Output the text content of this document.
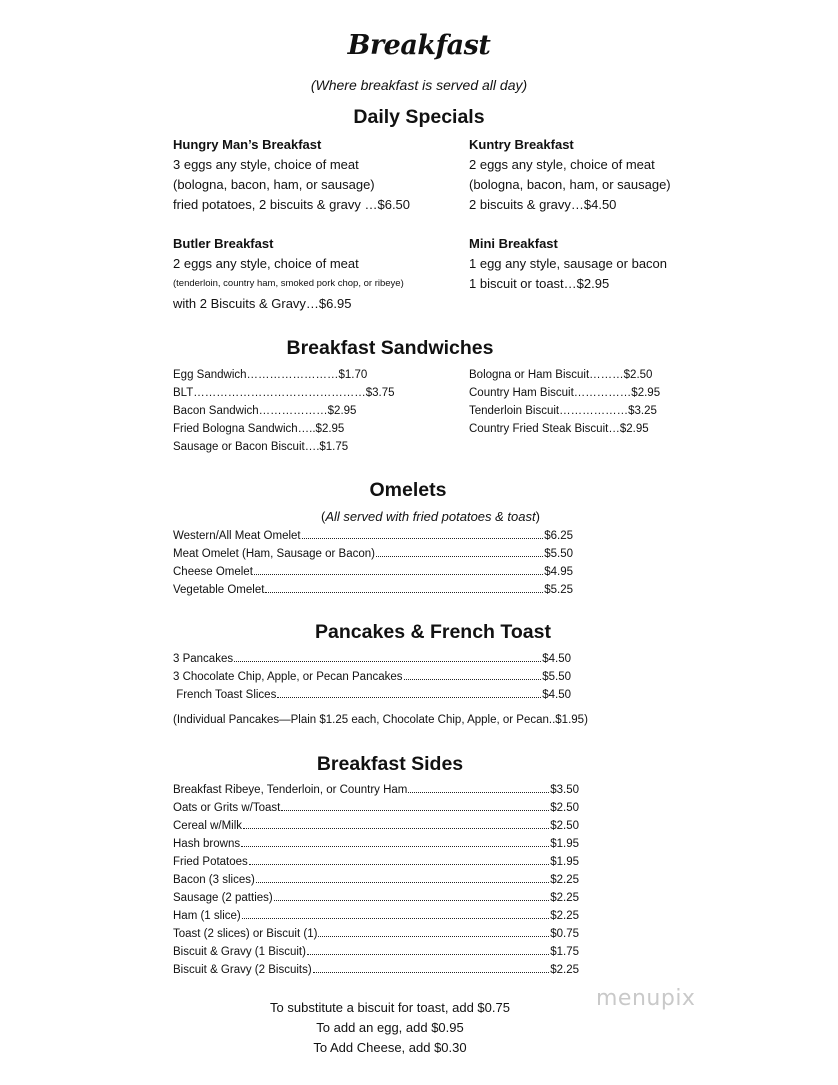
Breakfast
(Where breakfast is served all day)
Daily Specials
Hungry Man’s Breakfast
3 eggs any style, choice of meat
(bologna, bacon, ham, or sausage)
fried potatoes, 2 biscuits & gravy …$6.50
Kuntry Breakfast
2 eggs any style, choice of meat
(bologna, bacon, ham, or sausage)
2 biscuits & gravy…$4.50
Butler Breakfast
2 eggs any style, choice of meat
(tenderloin, country ham, smoked pork chop, or ribeye)
with 2 Biscuits & Gravy…$6.95
Mini Breakfast
1 egg any style, sausage or bacon
1 biscuit or toast…$2.95
Breakfast Sandwiches
Egg Sandwich……………………$1.70
BLT………………………………………$3.75
Bacon Sandwich………………$2.95
Fried Bologna Sandwich…..$2.95
Sausage or Bacon Biscuit….$1.75
Bologna or Ham Biscuit………$2.50
Country Ham Biscuit……………$2.95
Tenderloin Biscuit………………$3.25
Country Fried Steak Biscuit…$2.95
Omelets
(All served with fried potatoes & toast)
Western/All Meat Omelet	$6.25
Meat Omelet (Ham, Sausage or Bacon)	$5.50
Cheese Omelet	$4.95
Vegetable Omelet	$5.25
Pancakes & French Toast
3 Pancakes	$4.50
3 Chocolate Chip, Apple, or Pecan Pancakes	$5.50
French Toast Slices	$4.50
(Individual Pancakes—Plain $1.25 each, Chocolate Chip, Apple, or Pecan..$1.95)
Breakfast Sides
Breakfast Ribeye, Tenderloin, or Country Ham	$3.50
Oats or Grits w/Toast	$2.50
Cereal w/Milk	$2.50
Hash browns	$1.95
Fried Potatoes	$1.95
Bacon (3 slices)	$2.25
Sausage (2 patties)	$2.25
Ham (1 slice)	$2.25
Toast (2 slices) or Biscuit (1)	$0.75
Biscuit & Gravy (1 Biscuit)	$1.75
Biscuit & Gravy (2 Biscuits)	$2.25
To substitute a biscuit for toast, add $0.75
To add an egg, add $0.95
To Add Cheese, add $0.30
menupix
